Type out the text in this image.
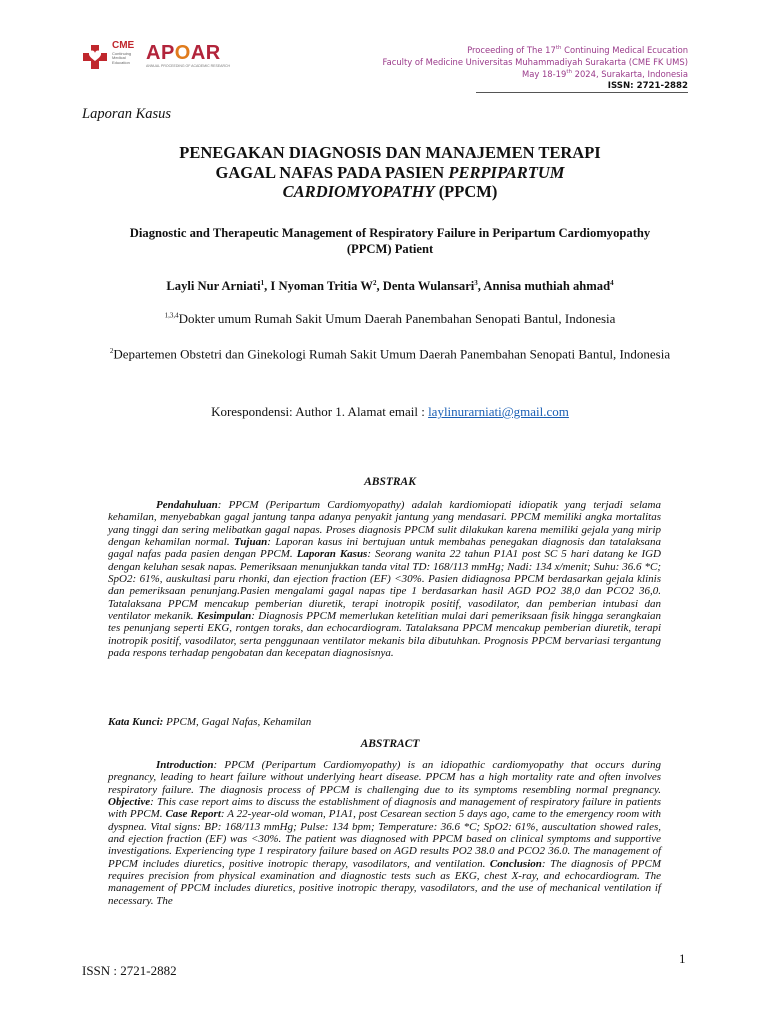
CME
Continuing Medical Education APOAR
ANNUAL PROCEEDING OF ACADEMIC RESEARCH
Proceeding of The 17th Continuing Medical Ecucation
Faculty of Medicine Universitas Muhammadiyah Surakarta (CME FK UMS)
May 18-19th 2024, Surakarta, Indonesia
ISSN: 2721-2882
Laporan Kasus
PENEGAKAN DIAGNOSIS DAN MANAJEMEN TERAPI
GAGAL NAFAS PADA PASIEN PERPIPARTUM
CARDIOMYOPATHY (PPCM)
Diagnostic and Therapeutic Management of Respiratory Failure in Peripartum Cardiomyopathy (PPCM) Patient
Layli Nur Arniati$^1$, I Nyoman Tritia $W^2$, Denta Wulansari$^3$, Annisa muthiah ahmad$^4$
$^{1,3,4}$Dokter umum Rumah Sakit Umum Daerah Panembahan Senopati Bantul, Indonesia
$^2$Departemen Obstetri dan Ginekologi Rumah Sakit Umum Daerah Panembahan Senopati Bantul, Indonesia
Korespondensi: Author 1. Alamat email : laylinurarniati@gmail.com
ABSTRAK

Pendahuluan: PPCM (Peripartum Cardiomyopathy) adalah kardiomiopati idiopatik yang terjadi selama kehamilan, menyebabkan gagal jantung tanpa adanya penyakit jantung yang mendasari. PPCM memiliki angka mortalitas yang tinggi dan sering melibatkan gagal napas. Proses diagnosis PPCM sulit dilakukan karena memiliki gejala yang mirip dengan kehamilan normal. Tujuan: Laporan kasus ini bertujuan untuk membahas penegakan diagnosis dan tatalaksana gagal nafas pada pasien dengan PPCM. Laporan Kasus: Seorang wanita 22 tahun P1A1 post SC 5 hari datang ke IGD dengan keluhan sesak napas. Pemeriksaan menunjukkan tanda vital TD: 168/113 mmHg; Nadi: 134 x/menit; Suhu: 36.6 *C; SpO2: 61%, auskultasi paru rhonki, dan ejection fraction (EF) <30%. Pasien didiagnosa PPCM berdasarkan gejala klinis dan pemeriksaan penunjang.Pasien mengalami gagal napas tipe 1 berdasarkan hasil AGD PO2 38,0 dan PCO2 36,0. Tatalaksana PPCM mencakup pemberian diuretik, terapi inotropik positif, vasodilator, dan pemberian intubasi dan ventilator mekanik. Kesimpulan: Diagnosis PPCM memerlukan ketelitian mulai dari pemeriksaan fisik hingga serangkaian tes penunjang seperti EKG, rontgen toraks, dan echocardiogram. Tatalaksana PPCM mencakup pemberian diuretik, terapi inotropik positif, vasodilator, serta penggunaan ventilator mekanis bila dibutuhkan. Prognosis PPCM bervariasi tergantung pada respons terhadap pengobatan dan kecepatan diagnosisnya.

Kata Kunci: PPCM, Gagal Nafas, Kehamilan
ABSTRACT

Introduction: PPCM (Peripartum Cardiomyopathy) is an idiopathic cardiomyopathy that occurs during pregnancy, leading to heart failure without underlying heart disease. PPCM has a high mortality rate and often involves respiratory failure. The diagnosis process of PPCM is challenging due to its symptoms resembling normal pregnancy. Objective: This case report aims to discuss the establishment of diagnosis and management of respiratory failure in patients with PPCM. Case Report: A 22-year-old woman, P1A1, post Cesarean section 5 days ago, came to the emergency room with dyspnea. Vital signs: BP: 168/113 mmHg; Pulse: 134 bpm; Temperature: 36.6 *C; SpO2: 61%, auscultation showed rales, and ejection fraction (EF) was <30%. The patient was diagnosed with PPCM based on clinical symptoms and supportive investigations. Experiencing type 1 respiratory failure based on AGD results PO2 38.0 and PCO2 36.0. The management of PPCM includes diuretics, positive inotropic therapy, vasodilators, and ventilation. Conclusion: The diagnosis of PPCM requires precision from physical examination and diagnostic tests such as EKG, chest X-ray, and echocardiogram. The management of PPCM includes diuretics, positive inotropic therapy, vasodilators, and the use of mechanical ventilation if necessary. The

1
ISSN : 2721-2882
